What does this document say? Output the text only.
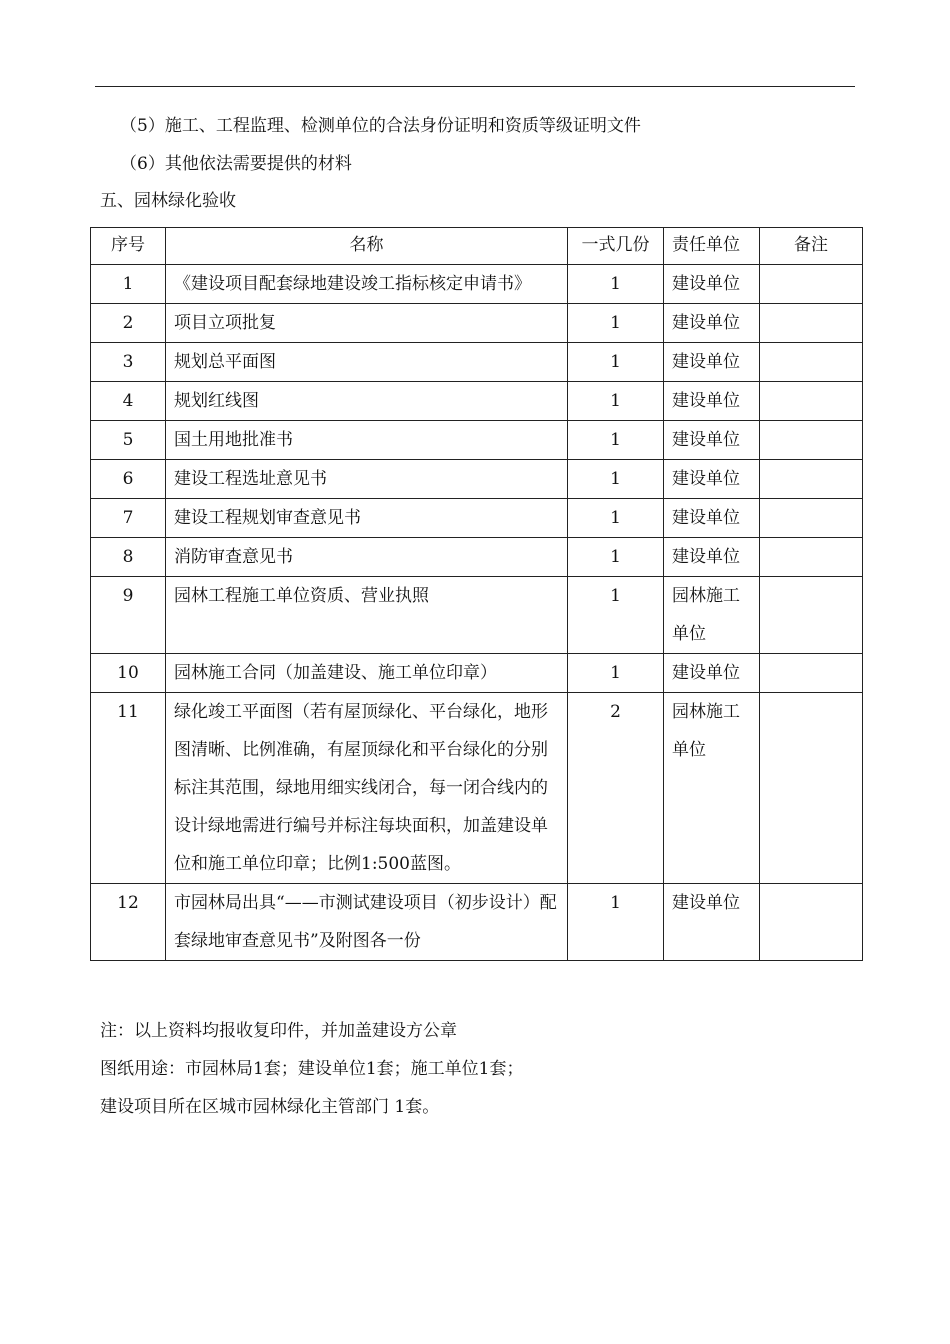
（5）施工、工程监理、检测单位的合法身份证明和资质等级证明文件
（6）其他依法需要提供的材料
五、园林绿化验收
序号	名称	一式几份	责任单位	备注
1	《建设项目配套绿地建设竣工指标核定申请书》	1	建设单位	
2	项目立项批复	1	建设单位	
3	规划总平面图	1	建设单位	
4	规划红线图	1	建设单位	
5	国土用地批准书	1	建设单位	
6	建设工程选址意见书	1	建设单位	
7	建设工程规划审查意见书	1	建设单位	
8	消防审查意见书	1	建设单位	
9	园林工程施工单位资质、营业执照	1	园林施工单位	
10	园林施工合同（加盖建设、施工单位印章）	1	建设单位	
11	绿化竣工平面图（若有屋顶绿化、平台绿化，地形图清晰、比例准确，有屋顶绿化和平台绿化的分别标注其范围，绿地用细实线闭合，每一闭合线内的设计绿地需进行编号并标注每块面积，加盖建设单位和施工单位印章；比例1:500蓝图。	2	园林施工单位	
12	市园林局出具“——市测试建设项目（初步设计）配套绿地审查意见书”及附图各一份	1	建设单位	
注：以上资料均报收复印件，并加盖建设方公章
图纸用途：市园林局1套；建设单位1套；施工单位1套；
建设项目所在区城市园林绿化主管部门 1套。
